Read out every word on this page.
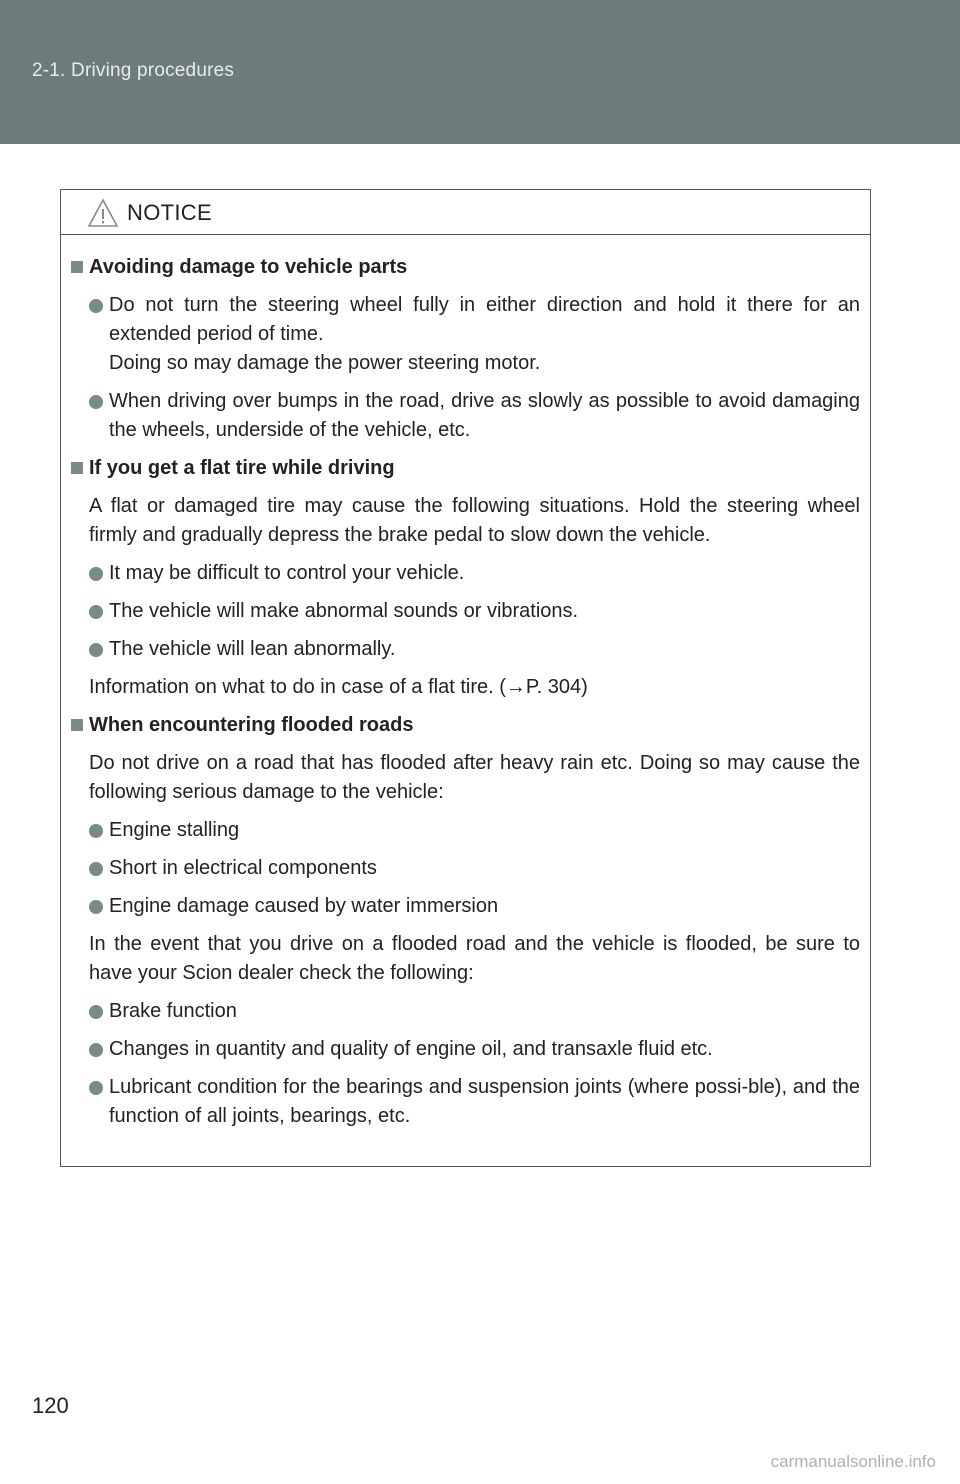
2-1. Driving procedures
NOTICE
Avoiding damage to vehicle parts
Do not turn the steering wheel fully in either direction and hold it there for an extended period of time.
Doing so may damage the power steering motor.
When driving over bumps in the road, drive as slowly as possible to avoid damaging the wheels, underside of the vehicle, etc.
If you get a flat tire while driving
A flat or damaged tire may cause the following situations. Hold the steering wheel firmly and gradually depress the brake pedal to slow down the vehicle.
It may be difficult to control your vehicle.
The vehicle will make abnormal sounds or vibrations.
The vehicle will lean abnormally.
Information on what to do in case of a flat tire. (→P. 304)
When encountering flooded roads
Do not drive on a road that has flooded after heavy rain etc. Doing so may cause the following serious damage to the vehicle:
Engine stalling
Short in electrical components
Engine damage caused by water immersion
In the event that you drive on a flooded road and the vehicle is flooded, be sure to have your Scion dealer check the following:
Brake function
Changes in quantity and quality of engine oil, and transaxle fluid etc.
Lubricant condition for the bearings and suspension joints (where possi-ble), and the function of all joints, bearings, etc.
120
carmanualsonline.info
